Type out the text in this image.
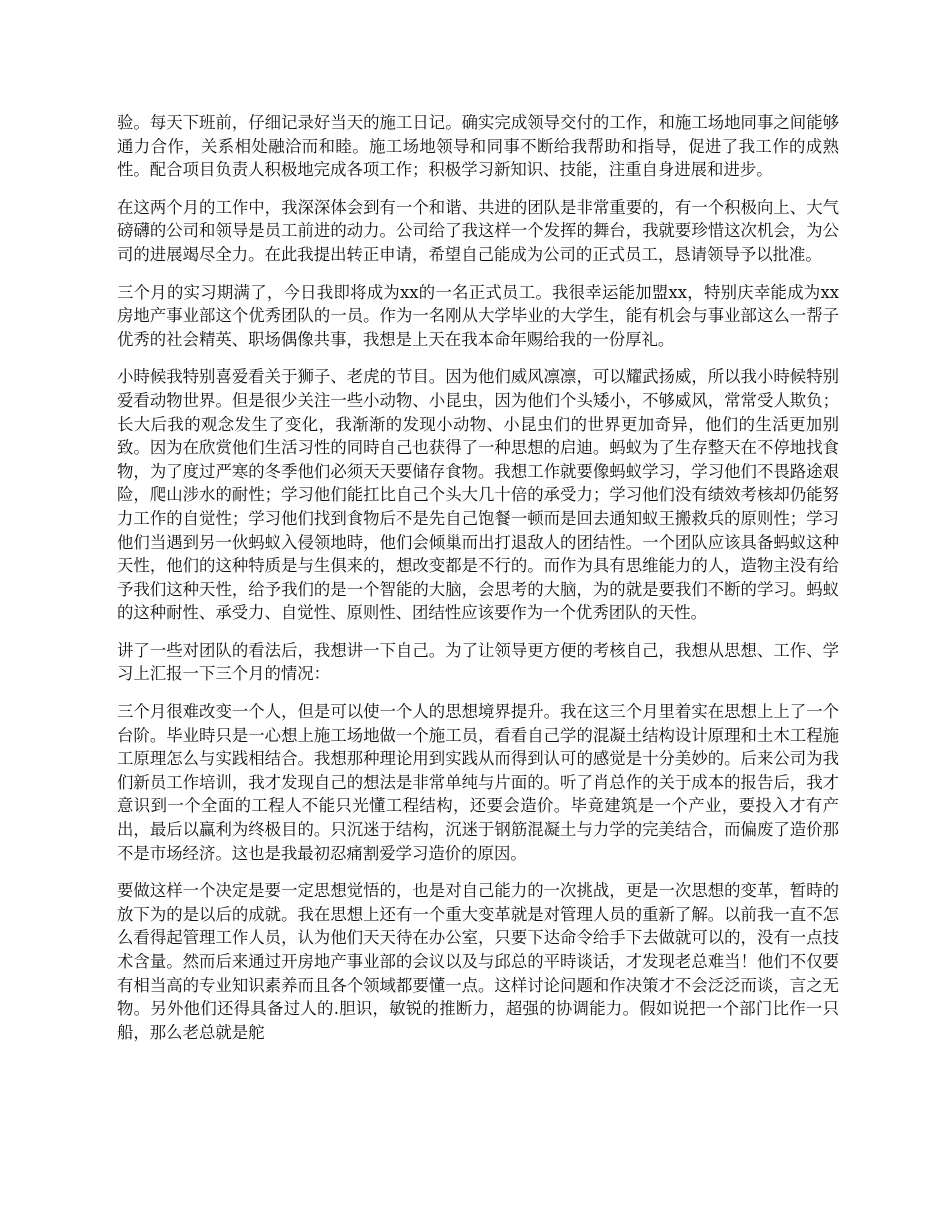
验。每天下班前，仔细记录好当天的施工日记。确实完成领导交付的工作，和施工场地同事之间能够通力合作，关系相处融洽而和睦。施工场地领导和同事不断给我帮助和指导，促进了我工作的成熟性。配合项目负责人积极地完成各项工作；积极学习新知识、技能，注重自身进展和进步。

在这两个月的工作中，我深深体会到有一个和谐、共进的团队是非常重要的，有一个积极向上、大气磅礴的公司和领导是员工前进的动力。公司给了我这样一个发挥的舞台，我就要珍惜这次机会，为公司的进展竭尽全力。在此我提出转正申请，希望自己能成为公司的正式员工，恳请领导予以批准。

三个月的实习期满了，今日我即将成为xx的一名正式员工。我很幸运能加盟xx，特别庆幸能成为xx房地产事业部这个优秀团队的一员。作为一名刚从大学毕业的大学生，能有机会与事业部这么一帮子优秀的社会精英、职场偶像共事，我想是上天在我本命年赐给我的一份厚礼。

小時候我特别喜爱看关于狮子、老虎的节目。因为他们威风凛凛，可以耀武扬威，所以我小時候特别爱看动物世界。但是很少关注一些小动物、小昆虫，因为他们个头矮小，不够威风，常常受人欺负；长大后我的观念发生了变化，我渐渐的发现小动物、小昆虫们的世界更加奇异，他们的生活更加别致。因为在欣赏他们生活习性的同時自己也获得了一种思想的启迪。蚂蚁为了生存整天在不停地找食物，为了度过严寒的冬季他们必须天天要储存食物。我想工作就要像蚂蚁学习，学习他们不畏路途艰险，爬山涉水的耐性；学习他们能扛比自己个头大几十倍的承受力；学习他们没有绩效考核却仍能努力工作的自觉性；学习他们找到食物后不是先自己饱餐一顿而是回去通知蚁王搬救兵的原则性；学习他们当遇到另一伙蚂蚁入侵领地時，他们会倾巢而出打退敌人的团结性。一个团队应该具备蚂蚁这种天性，他们的这种特质是与生俱来的，想改变都是不行的。而作为具有思维能力的人，造物主没有给予我们这种天性，给予我们的是一个智能的大脑，会思考的大脑，为的就是要我们不断的学习。蚂蚁的这种耐性、承受力、自觉性、原则性、团结性应该要作为一个优秀团队的天性。

讲了一些对团队的看法后，我想讲一下自己。为了让领导更方便的考核自己，我想从思想、工作、学习上汇报一下三个月的情况：

三个月很难改变一个人，但是可以使一个人的思想境界提升。我在这三个月里着实在思想上上了一个台阶。毕业時只是一心想上施工场地做一个施工员，看看自己学的混凝土结构设计原理和土木工程施工原理怎么与实践相结合。我想那种理论用到实践从而得到认可的感觉是十分美妙的。后来公司为我们新员工作培训，我才发现自己的想法是非常单纯与片面的。听了肖总作的关于成本的报告后，我才意识到一个全面的工程人不能只光懂工程结构，还要会造价。毕竟建筑是一个产业，要投入才有产出，最后以赢利为终极目的。只沉迷于结构，沉迷于钢筋混凝土与力学的完美结合，而偏废了造价那不是市场经济。这也是我最初忍痛割爱学习造价的原因。

要做这样一个决定是要一定思想觉悟的，也是对自己能力的一次挑战，更是一次思想的变革，暂時的放下为的是以后的成就。我在思想上还有一个重大变革就是对管理人员的重新了解。以前我一直不怎么看得起管理工作人员，认为他们天天待在办公室，只要下达命令给手下去做就可以的，没有一点技术含量。然而后来通过开房地产事业部的会议以及与邱总的平時谈话，才发现老总难当！他们不仅要有相当高的专业知识素养而且各个领域都要懂一点。这样讨论问题和作决策才不会泛泛而谈，言之无物。另外他们还得具备过人的.胆识，敏锐的推断力，超强的协调能力。假如说把一个部门比作一只船，那么老总就是舵
